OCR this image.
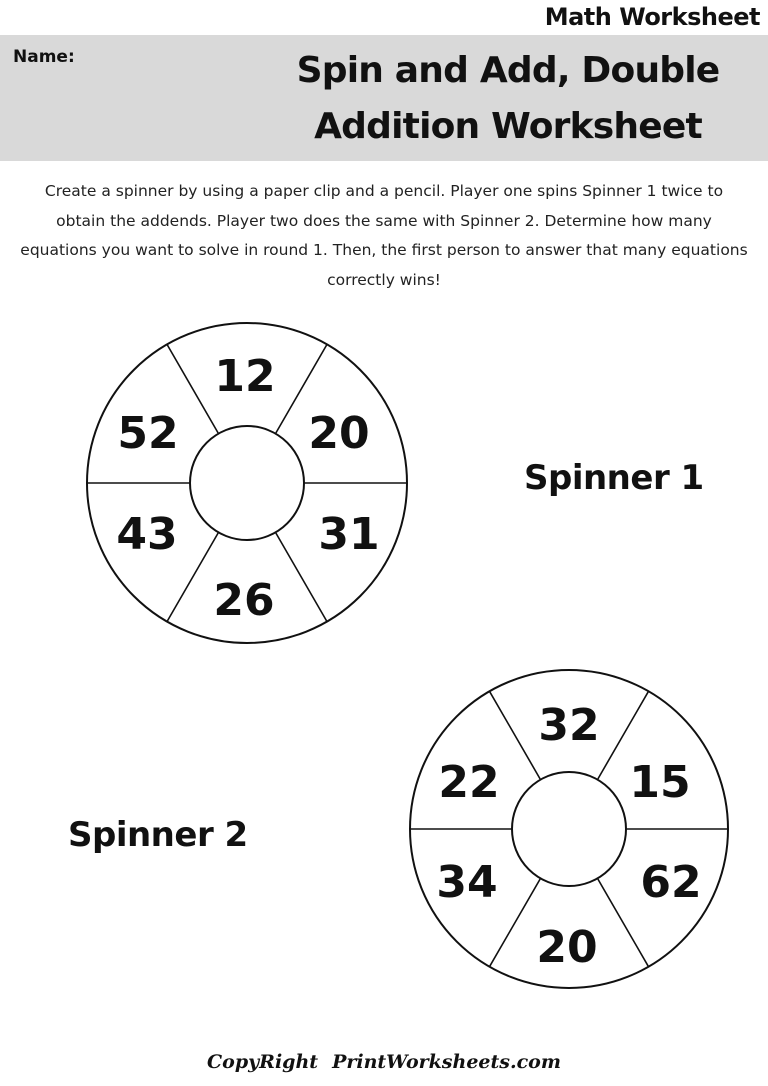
Math Worksheet
Name:	Spin and Add, Double
Addition Worksheet
Create a spinner by using a paper clip and a pencil. Player one spins Spinner 1 twice to obtain the addends. Player two does the same with Spinner 2. Determine how many equations you want to solve in round 1. Then, the first person to answer that many equations correctly wins!
12
20
31
26
43
52
Spinner 1
32
15
62
20
34
22
Spinner 2
CopyRight PrintWorksheets.com
